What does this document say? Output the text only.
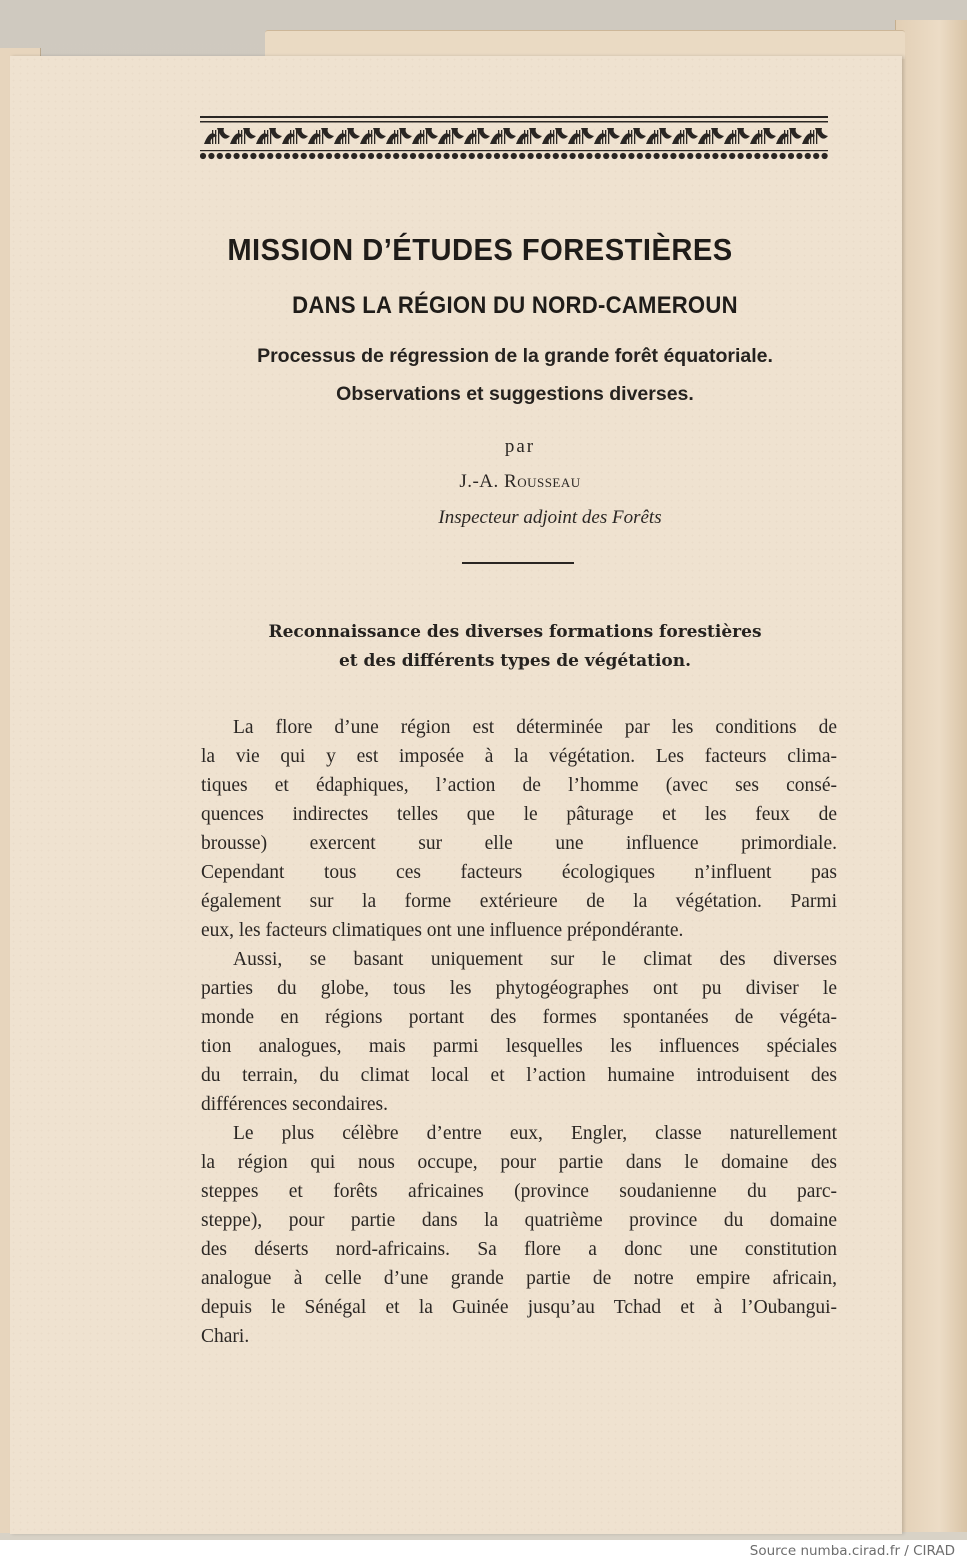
MISSION D’ÉTUDES FORESTIÈRES
DANS LA RÉGION DU NORD-CAMEROUN
Processus de régression de la grande forêt équatoriale.
Observations et suggestions diverses.
par
J.-A. Rousseau
Inspecteur adjoint des Forêts
Reconnaissance des diverses formations forestières
et des différents types de végétation.
La flore d’une région est déterminée par les conditions de
la vie qui y est imposée à la végétation. Les facteurs clima-
tiques et édaphiques, l’action de l’homme (avec ses consé-
quences indirectes telles que le pâturage et les feux de
brousse) exercent sur elle une influence primordiale.
Cependant tous ces facteurs écologiques n’influent pas
également sur la forme extérieure de la végétation. Parmi
eux, les facteurs climatiques ont une influence prépondérante.
Aussi, se basant uniquement sur le climat des diverses
parties du globe, tous les phytogéographes ont pu diviser le
monde en régions portant des formes spontanées de végéta-
tion analogues, mais parmi lesquelles les influences spéciales
du terrain, du climat local et l’action humaine introduisent des
différences secondaires.
Le plus célèbre d’entre eux, Engler, classe naturellement
la région qui nous occupe, pour partie dans le domaine des
steppes et forêts africaines (province soudanienne du parc-
steppe), pour partie dans la quatrième province du domaine
des déserts nord-africains. Sa flore a donc une constitution
analogue à celle d’une grande partie de notre empire africain,
depuis le Sénégal et la Guinée jusqu’au Tchad et à l’Oubangui-
Chari.
Source numba.cirad.fr / CIRAD
